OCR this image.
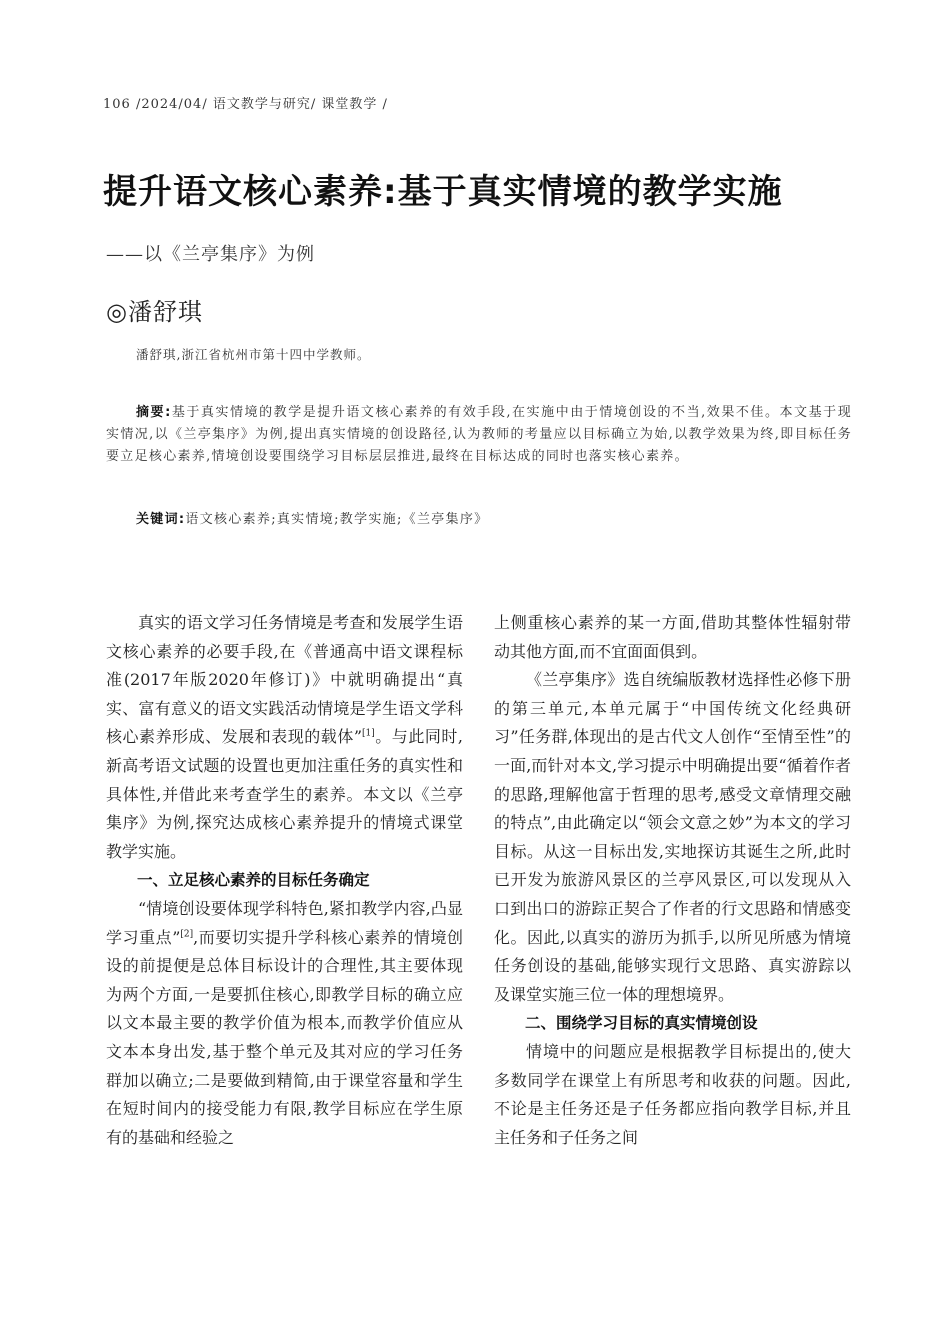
106 /2024/04/ 语文教学与研究/ 课堂教学 /
提升语文核心素养:基于真实情境的教学实施
——以《兰亭集序》为例
◎潘舒琪
潘舒琪,浙江省杭州市第十四中学教师。
摘要:基于真实情境的教学是提升语文核心素养的有效手段,在实施中由于情境创设的不当,效果不佳。本文基于现实情况,以《兰亭集序》为例,提出真实情境的创设路径,认为教师的考量应以目标确立为始,以教学效果为终,即目标任务要立足核心素养,情境创设要围绕学习目标层层推进,最终在目标达成的同时也落实核心素养。
关键词:语文核心素养;真实情境;教学实施;《兰亭集序》

真实的语文学习任务情境是考查和发展学生语文核心素养的必要手段,在《普通高中语文课程标准(2017年版2020年修订)》中就明确提出“真实、富有意义的语文实践活动情境是学生语文学科核心素养形成、发展和表现的载体”[1]。与此同时,新高考语文试题的设置也更加注重任务的真实性和具体性,并借此来考查学生的素养。本文以《兰亭集序》为例,探究达成核心素养提升的情境式课堂教学实施。

一、立足核心素养的目标任务确定

“情境创设要体现学科特色,紧扣教学内容,凸显学习重点”[2],而要切实提升学科核心素养的情境创设的前提便是总体目标设计的合理性,其主要体现为两个方面,一是要抓住核心,即教学目标的确立应以文本最主要的教学价值为根本,而教学价值应从文本本身出发,基于整个单元及其对应的学习任务群加以确立;二是要做到精简,由于课堂容量和学生在短时间内的接受能力有限,教学目标应在学生原有的基础和经验之

上侧重核心素养的某一方面,借助其整体性辐射带动其他方面,而不宜面面俱到。

《兰亭集序》选自统编版教材选择性必修下册的第三单元,本单元属于“中国传统文化经典研习”任务群,体现出的是古代文人创作“至情至性”的一面,而针对本文,学习提示中明确提出要“循着作者的思路,理解他富于哲理的思考,感受文章情理交融的特点”,由此确定以“领会文意之妙”为本文的学习目标。从这一目标出发,实地探访其诞生之所,此时已开发为旅游风景区的兰亭风景区,可以发现从入口到出口的游踪正契合了作者的行文思路和情感变化。因此,以真实的游历为抓手,以所见所感为情境任务创设的基础,能够实现行文思路、真实游踪以及课堂实施三位一体的理想境界。

二、围绕学习目标的真实情境创设

情境中的问题应是根据教学目标提出的,使大多数同学在课堂上有所思考和收获的问题。因此,不论是主任务还是子任务都应指向教学目标,并且主任务和子任务之间
